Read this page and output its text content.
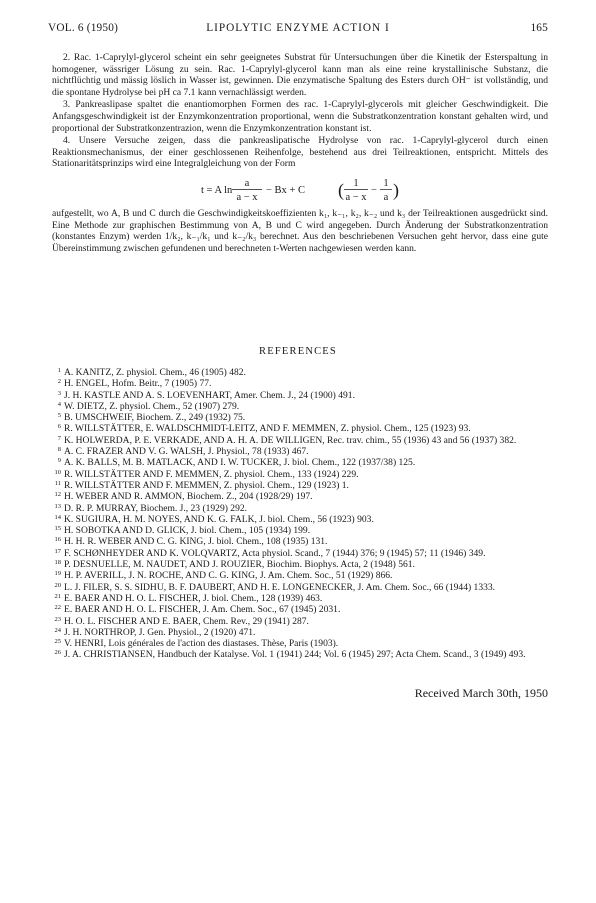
VOL. 6 (1950)	LIPOLYTIC ENZYME ACTION I	165

2. Rac. 1-Caprylyl-glycerol scheint ein sehr geeignetes Substrat für Untersuchungen über die Kinetik der Esterspaltung in homogener, wässriger Lösung zu sein. Rac. 1-Caprylyl-glycerol kann man als eine reine krystallinische Substanz, die nichtflüchtig und mässig löslich in Wasser ist, gewinnen. Die enzymatische Spaltung des Esters durch OH⁻ ist vollständig, und die spontane Hydrolyse bei pH ca 7.1 kann vernachlässigt werden.

3. Pankreaslipase spaltet die enantiomorphen Formen des rac. 1-Caprylyl-glycerols mit gleicher Geschwindigkeit. Die Anfangsgeschwindigkeit ist der Enzymkonzentration proportional, wenn die Substratkonzentration konstant gehalten wird, und proportional der Substratkonzentrazion, wenn die Enzymkonzentration konstant ist.

4. Unsere Versuche zeigen, dass die pankreaslipatische Hydrolyse von rac. 1-Caprylyl-glycerol durch einen Reaktionsmechanismus, der einer geschlossenen Reihenfolge, bestehend aus drei Teilreaktionen, entspricht. Mittels des Stationaritätsprinzips wird eine Integralgleichung von der Form

t = A ln
a
a − x
− Bx + C ( 1
a − x
−
1
a )

aufgestellt, wo A, B und C durch die Geschwindigkeitskoeffizienten k₁, k₋₁, k₂, k₋₂ und k₃ der Teilreaktionen ausgedrückt sind. Eine Methode zur graphischen Bestimmung von A, B und C wird angegeben. Durch Änderung der Substratkonzentration (konstantes Enzym) werden 1/k₂, k₋₁/k₁ und k₋₂/k₃ berechnet. Aus den beschriebenen Versuchen geht hervor, dass eine gute Übereinstimmung zwischen gefundenen und berechneten t-Werten nachgewiesen werden kann.

REFERENCES
1 A. KANITZ, Z. physiol. Chem., 46 (1905) 482.
2 H. ENGEL, Hofm. Beitr., 7 (1905) 77.
3 J. H. KASTLE AND A. S. LOEVENHART, Amer. Chem. J., 24 (1900) 491.
4 W. DIETZ, Z. physiol. Chem., 52 (1907) 279.
5 B. UMSCHWEIF, Biochem. Z., 249 (1932) 75.
6 R. WILLSTÄTTER, E. WALDSCHMIDT-LEITZ, AND F. MEMMEN, Z. physiol. Chem., 125 (1923) 93.
7 K. HOLWERDA, P. E. VERKADE, AND A. H. A. DE WILLIGEN, Rec. trav. chim., 55 (1936) 43 and 56 (1937) 382.
8 A. C. FRAZER AND V. G. WALSH, J. Physiol., 78 (1933) 467.
9 A. K. BALLS, M. B. MATLACK, AND I. W. TUCKER, J. biol. Chem., 122 (1937/38) 125.
10 R. WILLSTÄTTER AND F. MEMMEN, Z. physiol. Chem., 133 (1924) 229.
11 R. WILLSTÄTTER AND F. MEMMEN, Z. physiol. Chem., 129 (1923) 1.
12 H. WEBER AND R. AMMON, Biochem. Z., 204 (1928/29) 197.
13 D. R. P. MURRAY, Biochem. J., 23 (1929) 292.
14 K. SUGIURA, H. M. NOYES, AND K. G. FALK, J. biol. Chem., 56 (1923) 903.
15 H. SOBOTKA AND D. GLICK, J. biol. Chem., 105 (1934) 199.
16 H. H. R. WEBER AND C. G. KING, J. biol. Chem., 108 (1935) 131.
17 F. SCHØNHEYDER AND K. VOLQVARTZ, Acta physiol. Scand., 7 (1944) 376; 9 (1945) 57; 11 (1946) 349.
18 P. DESNUELLE, M. NAUDET, AND J. ROUZIER, Biochim. Biophys. Acta, 2 (1948) 561.
19 H. P. AVERILL, J. N. ROCHE, AND C. G. KING, J. Am. Chem. Soc., 51 (1929) 866.
20 L. J. FILER, S. S. SIDHU, B. F. DAUBERT, AND H. E. LONGENECKER, J. Am. Chem. Soc., 66 (1944) 1333.
21 E. BAER AND H. O. L. FISCHER, J. biol. Chem., 128 (1939) 463.
22 E. BAER AND H. O. L. FISCHER, J. Am. Chem. Soc., 67 (1945) 2031.
23 H. O. L. FISCHER AND E. BAER, Chem. Rev., 29 (1941) 287.
24 J. H. NORTHROP, J. Gen. Physiol., 2 (1920) 471.
25 V. HENRI, Lois générales de l'action des diastases. Thèse, Paris (1903).
26 J. A. CHRISTIANSEN, Handbuch der Katalyse. Vol. 1 (1941) 244; Vol. 6 (1945) 297; Acta Chem. Scand., 3 (1949) 493.
Received March 30th, 1950
